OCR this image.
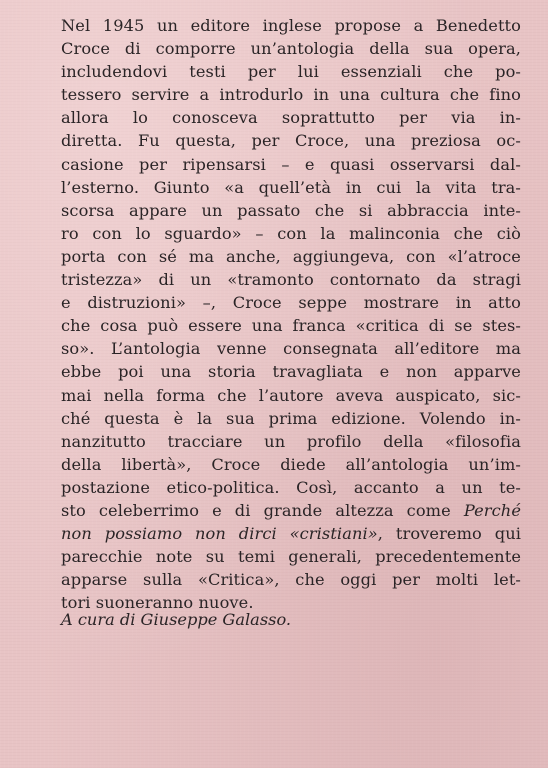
Nel 1945 un editore inglese propose a Benedetto
Croce di comporre un’antologia della sua opera,
includendovi testi per lui essenziali che po-
tessero servire a introdurlo in una cultura che fino
allora lo conosceva soprattutto per via in-
diretta. Fu questa, per Croce, una preziosa oc-
casione per ripensarsi – e quasi osservarsi dal-
l’esterno. Giunto «a quell’età in cui la vita tra-
scorsa appare un passato che si abbraccia inte-
ro con lo sguardo» – con la malinconia che ciò
porta con sé ma anche, aggiungeva, con «l’atroce
tristezza» di un «tramonto contornato da stragi
e distruzioni» –, Croce seppe mostrare in atto
che cosa può essere una franca «critica di se stes-
so». L’antologia venne consegnata all’editore ma
ebbe poi una storia travagliata e non apparve
mai nella forma che l’autore aveva auspicato, sic-
ché questa è la sua prima edizione. Volendo in-
nanzitutto tracciare un profilo della «filosofia
della libertà», Croce diede all’antologia un’im-
postazione etico-politica. Così, accanto a un te-
sto celeberrimo e di grande altezza come Perché
non possiamo non dirci «cristiani», troveremo qui
parecchie note su temi generali, precedentemente
apparse sulla «Critica», che oggi per molti let-
tori suoneranno nuove.
A cura di Giuseppe Galasso.
